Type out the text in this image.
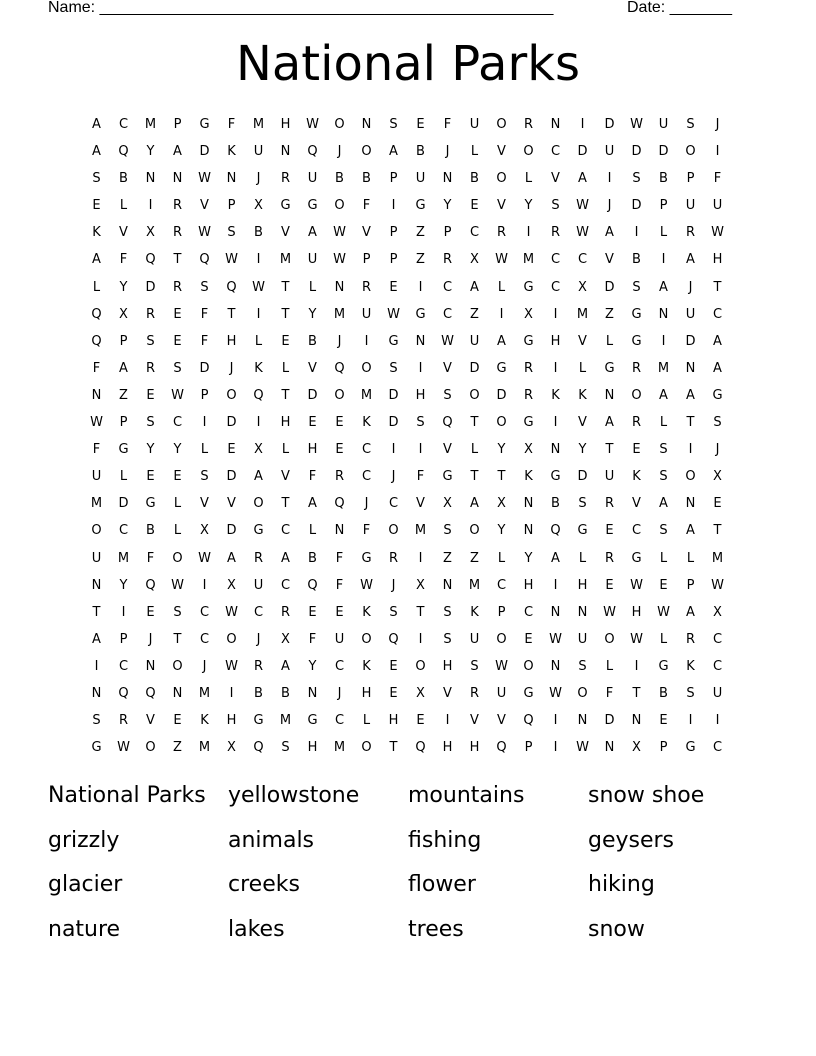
Name: ___________________________________________________	Date: _______
National Parks
A	C	M	P	G	F	M	H	W	O	N	S	E	F	U	O	R	N	I	D	W	U	S	J
A	Q	Y	A	D	K	U	N	Q	J	O	A	B	J	L	V	O	C	D	U	D	D	O	I
S	B	N	N	W	N	J	R	U	B	B	P	U	N	B	O	L	V	A	I	S	B	P	F
E	L	I	R	V	P	X	G	G	O	F	I	G	Y	E	V	Y	S	W	J	D	P	U	U
K	V	X	R	W	S	B	V	A	W	V	P	Z	P	C	R	I	R	W	A	I	L	R	W
A	F	Q	T	Q	W	I	M	U	W	P	P	Z	R	X	W	M	C	C	V	B	I	A	H
L	Y	D	R	S	Q	W	T	L	N	R	E	I	C	A	L	G	C	X	D	S	A	J	T
Q	X	R	E	F	T	I	T	Y	M	U	W	G	C	Z	I	X	I	M	Z	G	N	U	C
Q	P	S	E	F	H	L	E	B	J	I	G	N	W	U	A	G	H	V	L	G	I	D	A
F	A	R	S	D	J	K	L	V	Q	O	S	I	V	D	G	R	I	L	G	R	M	N	A
N	Z	E	W	P	O	Q	T	D	O	M	D	H	S	O	D	R	K	K	N	O	A	A	G
W	P	S	C	I	D	I	H	E	E	K	D	S	Q	T	O	G	I	V	A	R	L	T	S
F	G	Y	Y	L	E	X	L	H	E	C	I	I	V	L	Y	X	N	Y	T	E	S	I	J
U	L	E	E	S	D	A	V	F	R	C	J	F	G	T	T	K	G	D	U	K	S	O	X
M	D	G	L	V	V	O	T	A	Q	J	C	V	X	A	X	N	B	S	R	V	A	N	E
O	C	B	L	X	D	G	C	L	N	F	O	M	S	O	Y	N	Q	G	E	C	S	A	T
U	M	F	O	W	A	R	A	B	F	G	R	I	Z	Z	L	Y	A	L	R	G	L	L	M
N	Y	Q	W	I	X	U	C	Q	F	W	J	X	N	M	C	H	I	H	E	W	E	P	W
T	I	E	S	C	W	C	R	E	E	K	S	T	S	K	P	C	N	N	W	H	W	A	X
A	P	J	T	C	O	J	X	F	U	O	Q	I	S	U	O	E	W	U	O	W	L	R	C
I	C	N	O	J	W	R	A	Y	C	K	E	O	H	S	W	O	N	S	L	I	G	K	C
N	Q	Q	N	M	I	B	B	N	J	H	E	X	V	R	U	G	W	O	F	T	B	S	U
S	R	V	E	K	H	G	M	G	C	L	H	E	I	V	V	Q	I	N	D	N	E	I	I
G	W	O	Z	M	X	Q	S	H	M	O	T	Q	H	H	Q	P	I	W	N	X	P	G	C
National Parks	yellowstone	mountains	snow shoe
grizzly	animals	fishing	geysers
glacier	creeks	flower	hiking
nature	lakes	trees	snow
